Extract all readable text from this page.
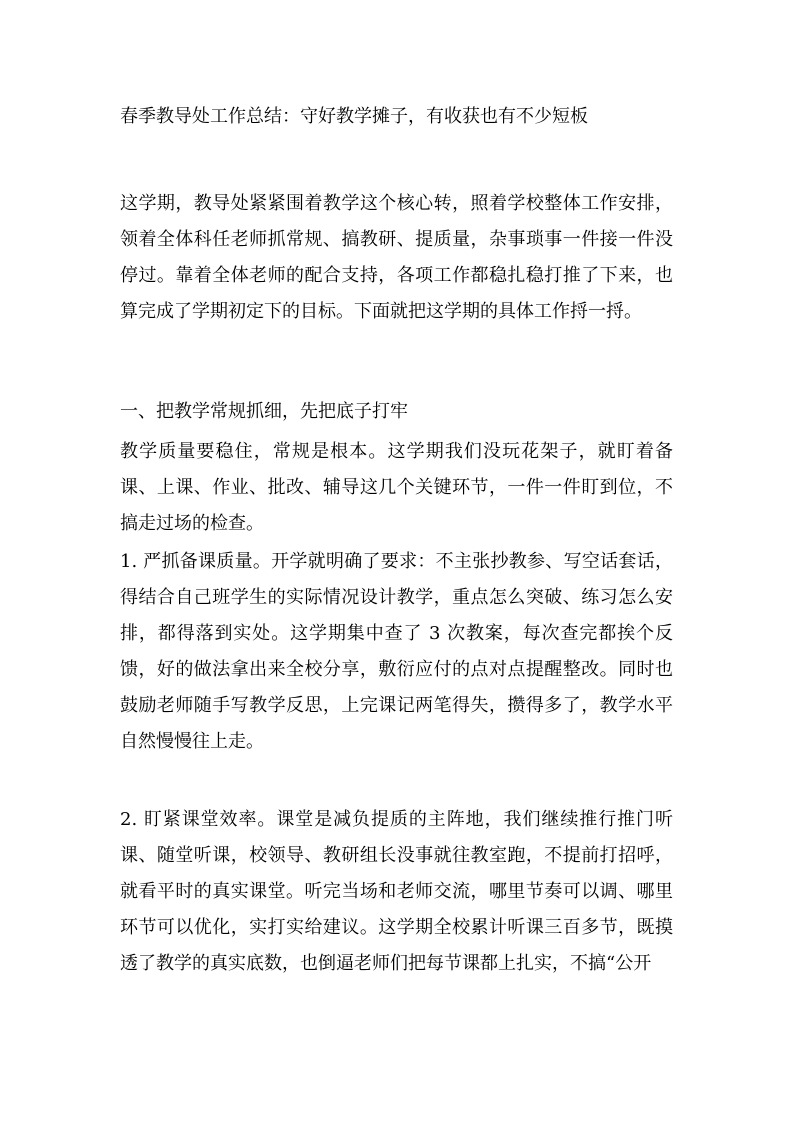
春季教导处工作总结：守好教学摊子，有收获也有不少短板

这学期，教导处紧紧围着教学这个核心转，照着学校整体工作安排，领着全体科任老师抓常规、搞教研、提质量，杂事琐事一件接一件没停过。靠着全体老师的配合支持，各项工作都稳扎稳打推了下来，也算完成了学期初定下的目标。下面就把这学期的具体工作捋一捋。

一、把教学常规抓细，先把底子打牢

教学质量要稳住，常规是根本。这学期我们没玩花架子，就盯着备课、上课、作业、批改、辅导这几个关键环节，一件一件盯到位，不搞走过场的检查。

1. 严抓备课质量。开学就明确了要求：不主张抄教参、写空话套话，得结合自己班学生的实际情况设计教学，重点怎么突破、练习怎么安排，都得落到实处。这学期集中查了 3 次教案，每次查完都挨个反馈，好的做法拿出来全校分享，敷衍应付的点对点提醒整改。同时也鼓励老师随手写教学反思，上完课记两笔得失，攒得多了，教学水平自然慢慢往上走。

2. 盯紧课堂效率。课堂是减负提质的主阵地，我们继续推行推门听课、随堂听课，校领导、教研组长没事就往教室跑，不提前打招呼，就看平时的真实课堂。听完当场和老师交流，哪里节奏可以调、哪里环节可以优化，实打实给建议。这学期全校累计听课三百多节，既摸透了教学的真实底数，也倒逼老师们把每节课都上扎实，不搞“公开
